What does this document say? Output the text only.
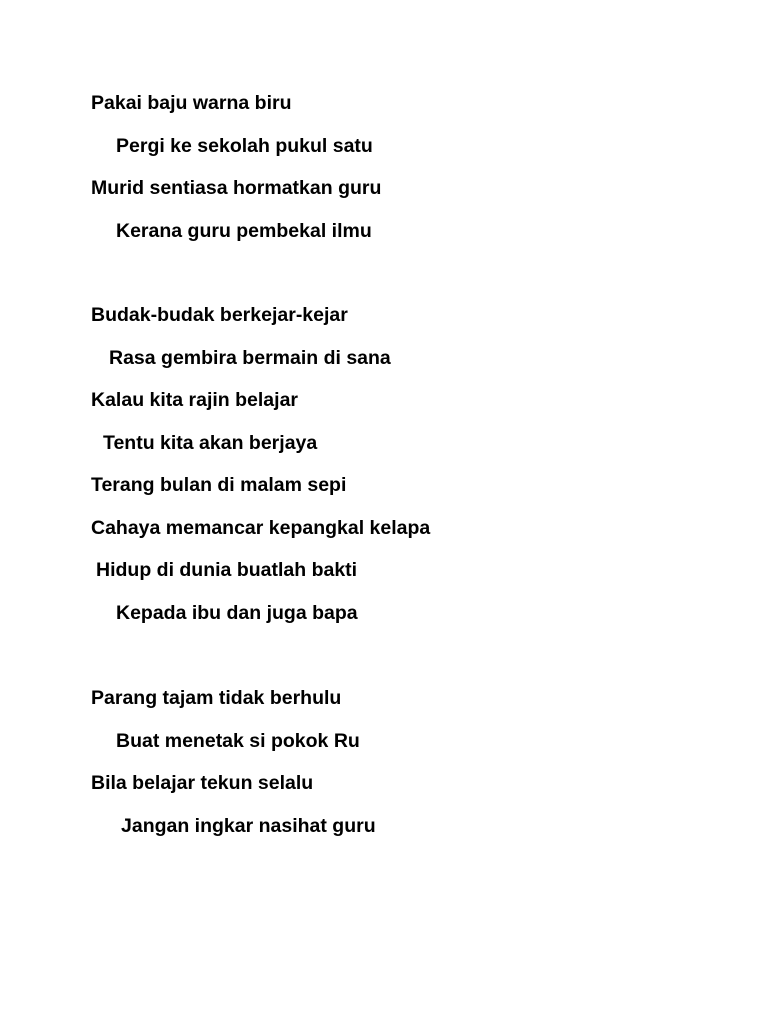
Pakai baju warna biru
Pergi ke sekolah pukul satu
Murid sentiasa hormatkan guru
Kerana guru pembekal ilmu
Budak-budak berkejar-kejar
Rasa gembira bermain di sana
Kalau kita rajin belajar
Tentu kita akan berjaya
Terang bulan di malam sepi
Cahaya memancar kepangkal kelapa
Hidup di dunia buatlah bakti
Kepada ibu dan juga bapa
Parang tajam tidak berhulu
Buat menetak si pokok Ru
Bila belajar tekun selalu
Jangan ingkar nasihat guru
